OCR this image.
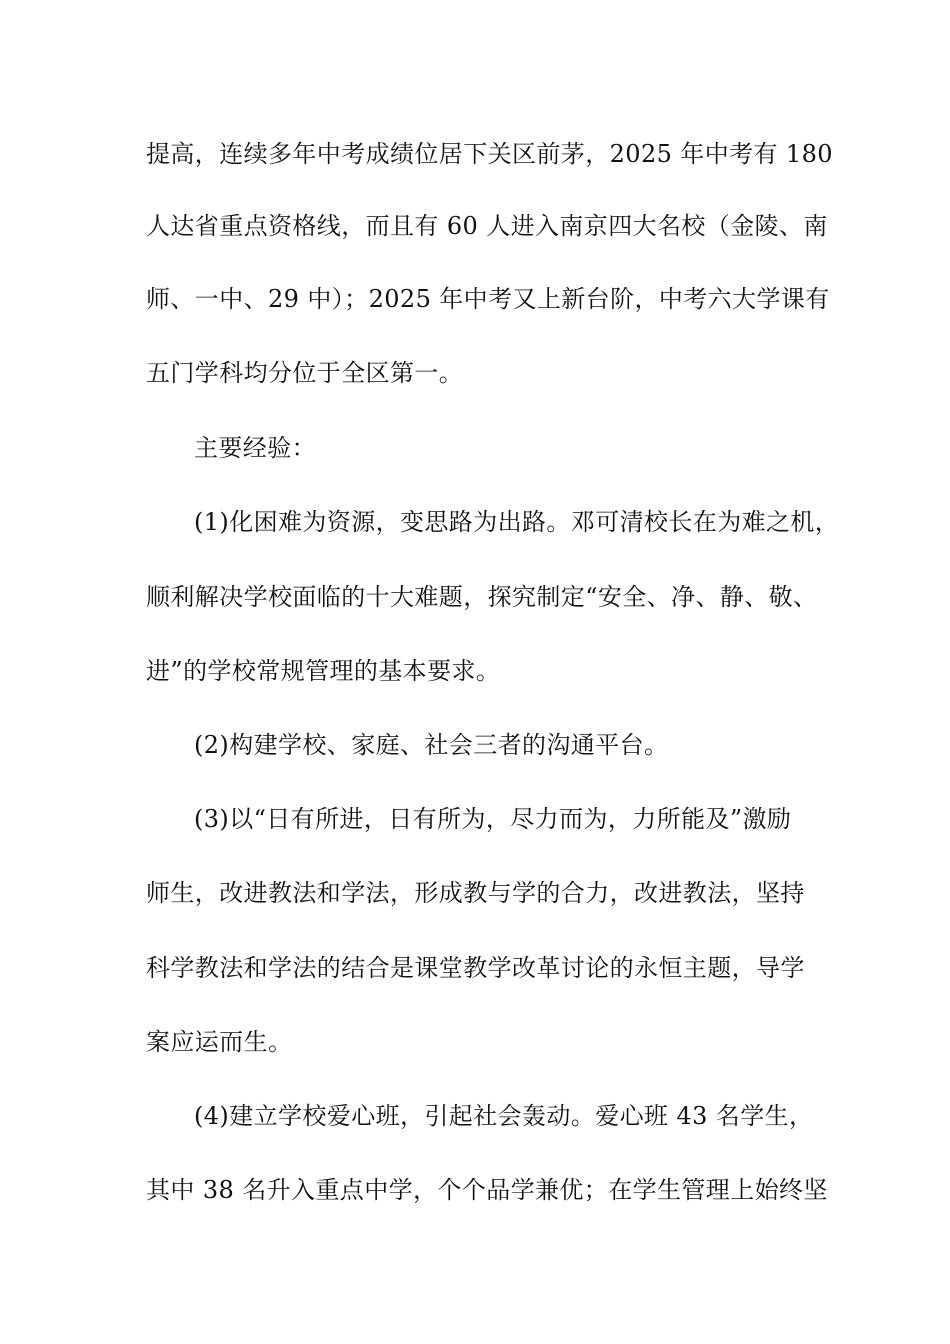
提高，连续多年中考成绩位居下关区前茅，2025 年中考有 180
人达省重点资格线，而且有 60 人进入南京四大名校（金陵、南
师、一中、29 中）；2025 年中考又上新台阶，中考六大学课有
五门学科均分位于全区第一。
主要经验：
(1)化困难为资源，变思路为出路。邓可清校长在为难之机，
顺利解决学校面临的十大难题，探究制定“安全、净、静、敬、
进”的学校常规管理的基本要求。
(2)构建学校、家庭、社会三者的沟通平台。
(3)以“日有所进，日有所为，尽力而为，力所能及”激励
师生，改进教法和学法，形成教与学的合力，改进教法，坚持
科学教法和学法的结合是课堂教学改革讨论的永恒主题，导学
案应运而生。
(4)建立学校爱心班，引起社会轰动。爱心班 43 名学生，
其中 38 名升入重点中学，个个品学兼优；在学生管理上始终坚
